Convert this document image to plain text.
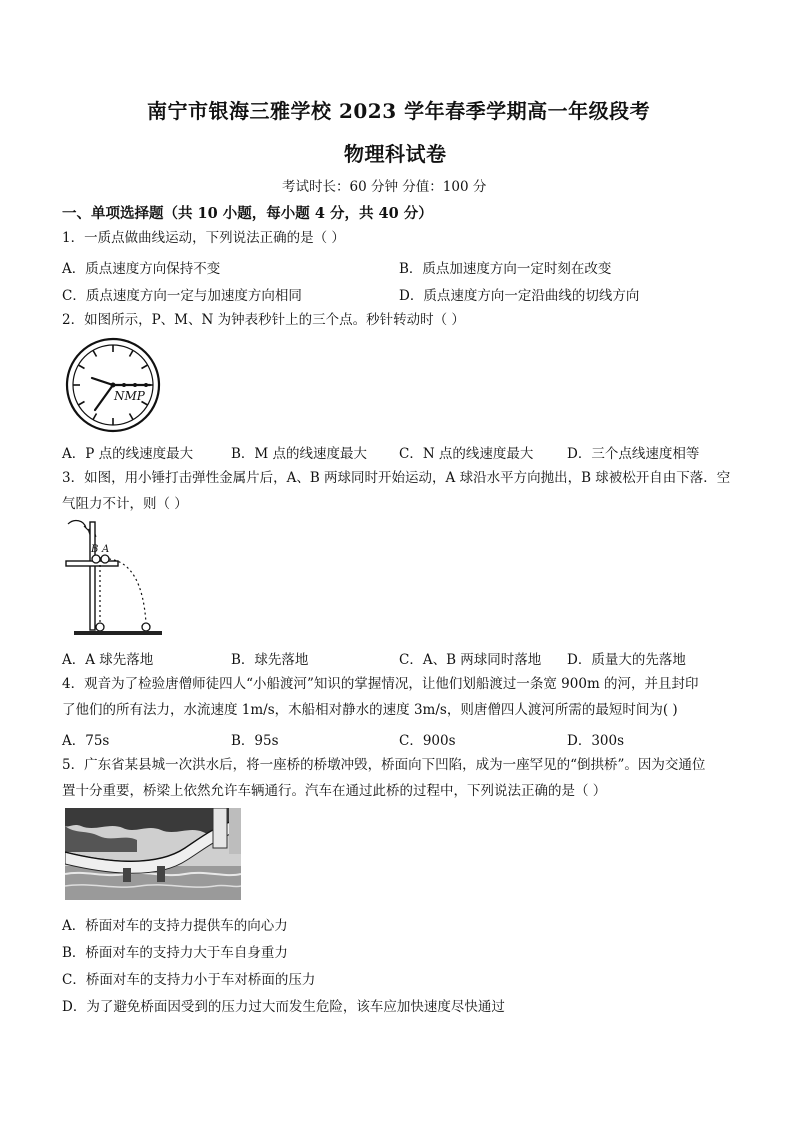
南宁市银海三雅学校 2023 学年春季学期高一年级段考
物理科试卷
考试时长：60 分钟 分值：100 分
一、单项选择题（共 10 小题，每小题 4 分，共 40 分）
1．一质点做曲线运动，下列说法正确的是（ ）
A．质点速度方向保持不变	B．质点加速度方向一定时刻在改变
C．质点速度方向一定与加速度方向相同	D．质点速度方向一定沿曲线的切线方向
2．如图所示，P、M、N 为钟表秒针上的三个点。秒针转动时（ ）
NMP
A．P 点的线速度最大	B．M 点的线速度最大 C．N 点的线速度最大 D．三个点线速度相等
3．如图，用小锤打击弹性金属片后，A、B 两球同时开始运动，A 球沿水平方向抛出，B 球被松开自由下落．空
气阻力不计，则（ ）
B A
A．A 球先落地	B．球先落地	C．A、B 两球同时落地 D．质量大的先落地
4．观音为了检验唐僧师徒四人“小船渡河”知识的掌握情况，让他们划船渡过一条宽 900m 的河，并且封印
了他们的所有法力，水流速度 1m/s，木船相对静水的速度 3m/s，则唐僧四人渡河所需的最短时间为( )
A．75s	B．95s	C．900s	D．300s
5．广东省某县城一次洪水后，将一座桥的桥墩冲毁，桥面向下凹陷，成为一座罕见的“倒拱桥”。因为交通位
置十分重要，桥梁上依然允许车辆通行。汽车在通过此桥的过程中，下列说法正确的是（ ）
A．桥面对车的支持力提供车的向心力
B．桥面对车的支持力大于车自身重力
C．桥面对车的支持力小于车对桥面的压力
D．为了避免桥面因受到的压力过大而发生危险，该车应加快速度尽快通过
